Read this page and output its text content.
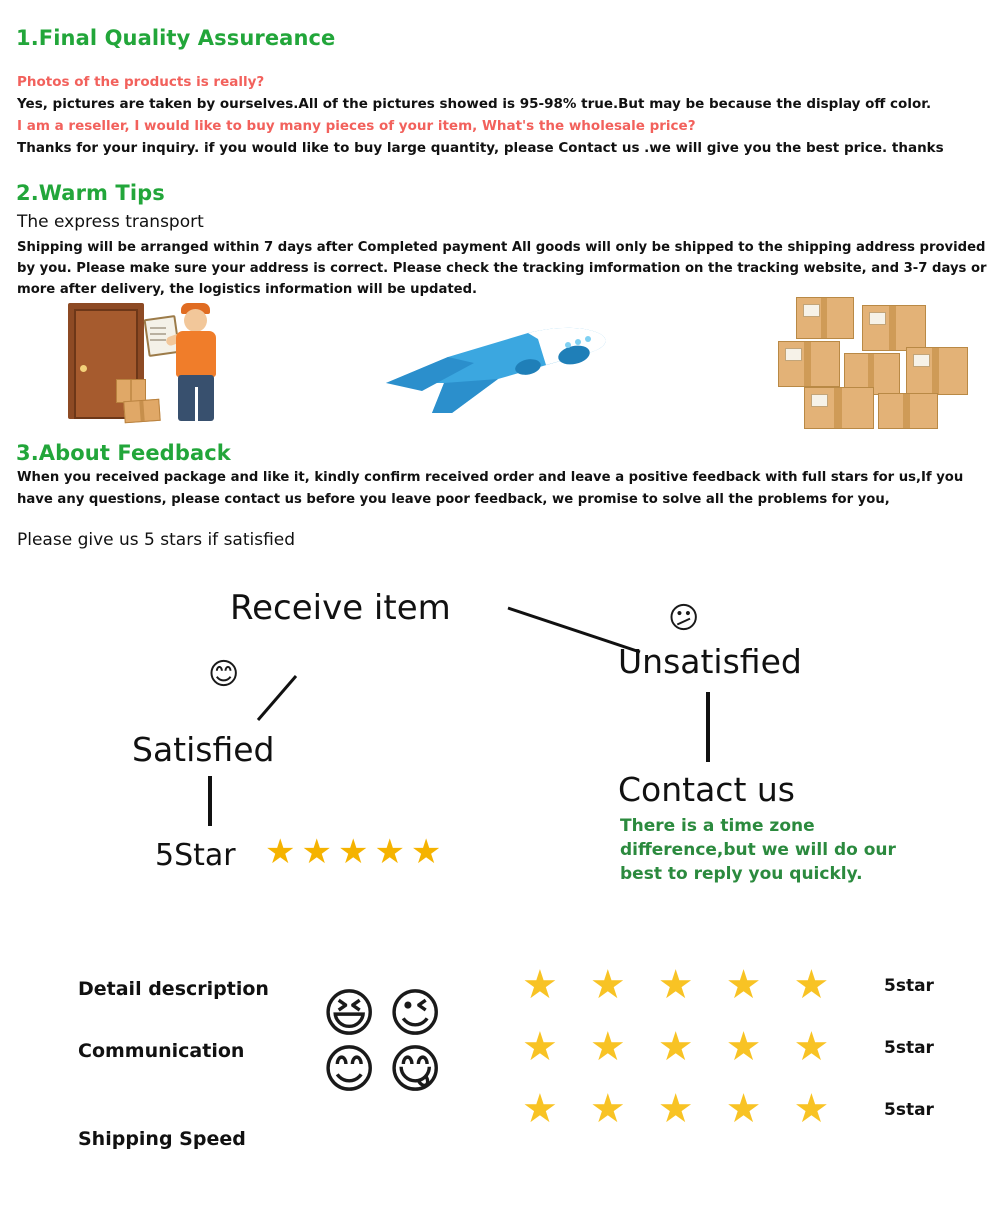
1.Final Quality Assureance
Photos of the products is really?
Yes, pictures are taken by ourselves.All of the pictures showed is 95-98% true.But may be because the display off color.
I am a reseller, I would like to buy many pieces of your item, What's the wholesale price?
Thanks for your inquiry. if you would like to buy large quantity, please Contact us .we will give you the best price. thanks
2.Warm Tips
The express transport
Shipping will be arranged within 7 days after Completed payment All goods will only be shipped to the shipping address provided by you. Please make sure your address is correct. Please check the tracking imformation on the tracking website, and 3-7 days or more after delivery, the logistics information will be updated.
3.About Feedback
When you received package and like it, kindly confirm received order and leave a positive feedback with full stars for us,If you have any questions, please contact us before you leave poor feedback, we promise to solve all the problems for you,
Please give us 5 stars if satisfied
Receive item	😕
Unsatisfied
😊
Satisfied
Contact us
There is a time zone difference,but we will do our best to reply you quickly.
5Star ★★★★★
Detail description
Communication
Shipping Speed
😆 😉
😊 😋
★★★★★
★★★★★
★★★★★
5star
5star
5star
